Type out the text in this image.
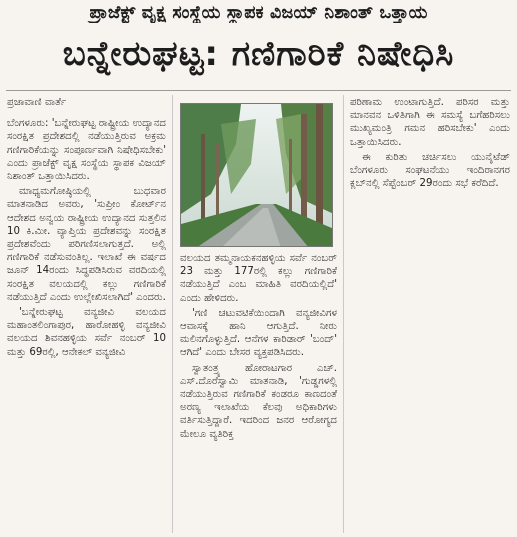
ಪ್ರಾಜೆಕ್ಟ್ ವೃಕ್ಷ ಸಂಸ್ಥೆಯ ಸ್ಥಾಪಕ ವಿಜಯ್ ನಿಶಾಂತ್ ಒತ್ತಾಯ
ಬನ್ನೇರುಘಟ್ಟ: ಗಣಿಗಾರಿಕೆ ನಿಷೇಧಿಸಿ
ಪ್ರಜಾವಾಣಿ ವಾರ್ತೆ

ಬೆಂಗಳೂರು: 'ಬನ್ನೇರುಘಟ್ಟ ರಾಷ್ಟ್ರೀಯ ಉದ್ಯಾನದ ಸಂರಕ್ಷಿತ ಪ್ರದೇಶದಲ್ಲಿ ನಡೆಯುತ್ತಿರುವ ಅಕ್ರಮ ಗಣಿಗಾರಿಕೆಯನ್ನು ಸಂಪೂರ್ಣವಾಗಿ ನಿಷೇಧಿಸಬೇಕು' ಎಂದು ಪ್ರಾಜೆಕ್ಟ್ ವೃಕ್ಷ ಸಂಸ್ಥೆಯ ಸ್ಥಾಪಕ ವಿಜಯ್ ನಿಶಾಂತ್ ಒತ್ತಾಯಿಸಿದರು.

ಮಾಧ್ಯಮಗೋಷ್ಠಿಯಲ್ಲಿ ಬುಧವಾರ ಮಾತನಾಡಿದ ಅವರು, 'ಸುಪ್ರೀಂ ಕೋರ್ಟ್‌ನ ಆದೇಶದ ಅನ್ವಯ ರಾಷ್ಟ್ರೀಯ ಉದ್ಯಾನದ ಸುತ್ತಲಿನ 10 ಕಿ.ಮೀ. ವ್ಯಾಪ್ತಿಯ ಪ್ರದೇಶವನ್ನು ಸಂರಕ್ಷಿತ ಪ್ರದೇಶವೆಂದು ಪರಿಗಣಿಸಲಾಗುತ್ತದೆ. ಅಲ್ಲಿ ಗಣಿಗಾರಿಕೆ ನಡೆಸುವಂತಿಲ್ಲ. ಇಲಾಖೆ ಈ ವರ್ಷದ ಜೂನ್ 14ರಂದು ಸಿದ್ಧಪಡಿಸಿರುವ ವರದಿಯಲ್ಲಿ ಸಂರಕ್ಷಿತ ವಲಯದಲ್ಲಿ ಕಲ್ಲು ಗಣಿಗಾರಿಕೆ ನಡೆಯುತ್ತಿದೆ ಎಂದು ಉಲ್ಲೇಖಿಸಲಾಗಿದೆ' ಎಂದರು.

'ಬನ್ನೇರುಘಟ್ಟ ವನ್ಯಜೀವಿ ವಲಯದ ಮಹಾಂತಲಿಂಗಾಪುರ, ಹಾರೋಹಳ್ಳಿ ವನ್ಯಜೀವಿ ವಲಯದ ಶಿವನಹಳ್ಳಿಯ ಸರ್ವೆ ನಂಬರ್ 10 ಮತ್ತು 69ರಲ್ಲಿ, ಆನೇಕಲ್ ವನ್ಯಜೀವಿ

ವಲಯದ ತಮ್ಮನಾಯಕನಹಳ್ಳಿಯ ಸರ್ವೆ ನಂಬರ್ 23 ಮತ್ತು 177ರಲ್ಲಿ ಕಲ್ಲು ಗಣಿಗಾರಿಕೆ ನಡೆಯುತ್ತಿದೆ ಎಂಬ ಮಾಹಿತಿ ವರದಿಯಲ್ಲಿದೆ' ಎಂದು ಹೇಳಿದರು.

'ಗಣಿ ಚಟುವಟಿಕೆಯಿಂದಾಗಿ ವನ್ಯಜೀವಿಗಳ ಆವಾಸಕ್ಕೆ ಹಾನಿ ಆಗುತ್ತಿದೆ. ನೀರು ಮಲಿನಗೊಳ್ಳುತ್ತಿದೆ. ಆನೆಗಳ ಕಾರಿಡಾರ್ 'ಬಂದ್' ಆಗಿದೆ' ಎಂದು ಬೇಸರ ವ್ಯಕ್ತಪಡಿಸಿದರು.

ಸ್ವಾತಂತ್ರ್ಯ ಹೋರಾಟಗಾರ ಎಚ್. ಎಸ್.ದೊರೆಸ್ವಾಮಿ ಮಾತನಾಡಿ, 'ಗುಡ್ಡಗಳಲ್ಲಿ ನಡೆಯುತ್ತಿರುವ ಗಣಿಗಾರಿಕೆ ಕಂಡರೂ ಕಾಣದಂತೆ ಅರಣ್ಯ ಇಲಾಖೆಯ ಕೆಲವು ಅಧಿಕಾರಿಗಳು ವರ್ತಿಸುತ್ತಿದ್ದಾರೆ. ಇದರಿಂದ ಜನರ ಆರೋಗ್ಯದ ಮೇಲೂ ವ್ಯತಿರಿಕ್ತ

ಪರಿಣಾಮ ಉಂಟಾಗುತ್ತಿದೆ. ಪರಿಸರ ಮತ್ತು ಮಾನವನ ಒಳಿತಿಗಾಗಿ ಈ ಸಮಸ್ಯೆ ಬಗೆಹರಿಸಲು ಮುಖ್ಯಮಂತ್ರಿ ಗಮನ ಹರಿಸಬೇಕು' ಎಂದು ಒತ್ತಾಯಿಸಿದರು.

ಈ ಕುರಿತು ಚರ್ಚಿಸಲು ಯುನೈಟೆಡ್ ಬೆಂಗಳೂರು ಸಂಘಟನೆಯು ಇಂದಿರಾನಗರ ಕ್ಲಬ್‌ನಲ್ಲಿ ಸೆಪ್ಟೆಂಬರ್ 29ರಂದು ಸಭೆ ಕರೆದಿದೆ.
